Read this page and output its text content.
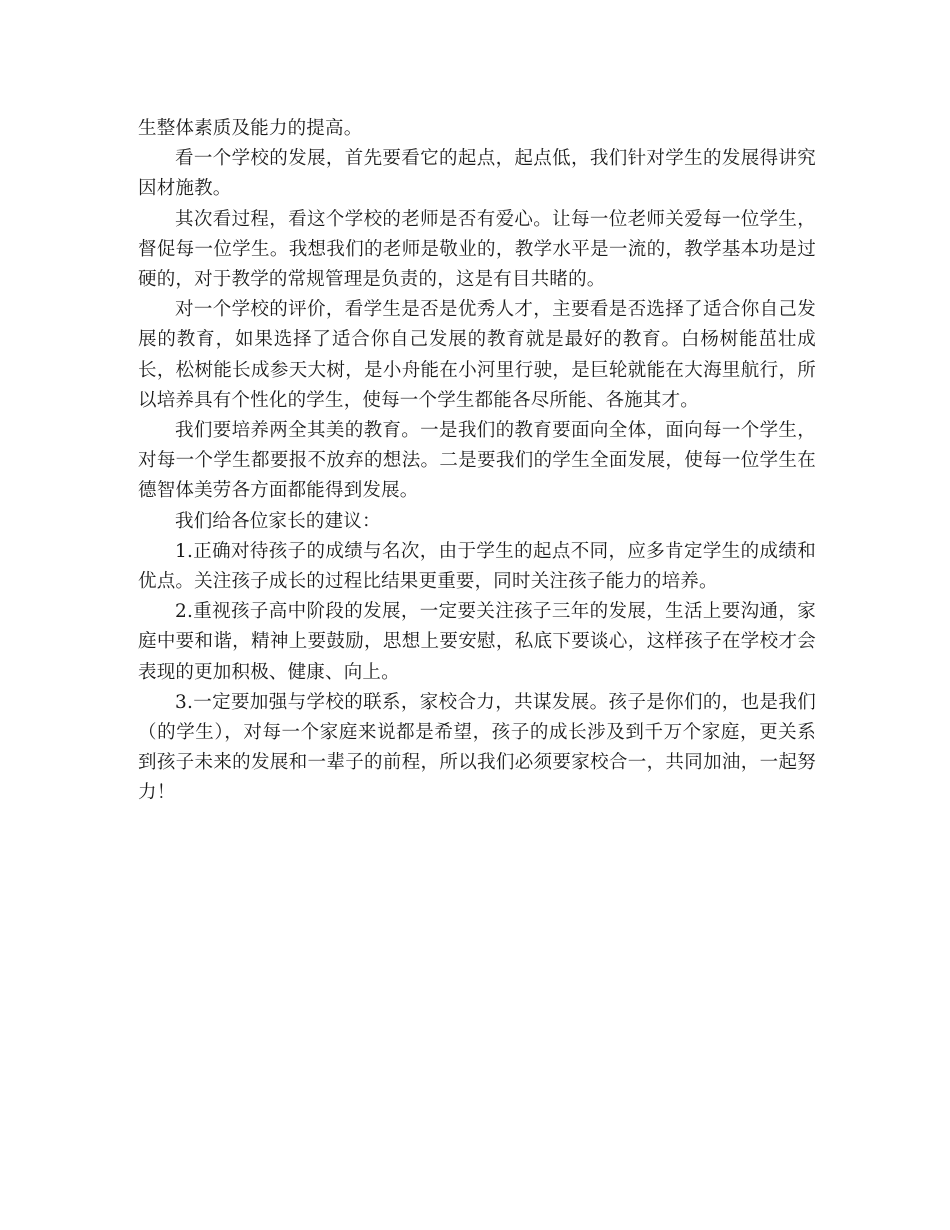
生整体素质及能力的提高。

看一个学校的发展，首先要看它的起点，起点低，我们针对学生的发展得讲究因材施教。

其次看过程，看这个学校的老师是否有爱心。让每一位老师关爱每一位学生，督促每一位学生。我想我们的老师是敬业的，教学水平是一流的，教学基本功是过硬的，对于教学的常规管理是负责的，这是有目共睹的。

对一个学校的评价，看学生是否是优秀人才，主要看是否选择了适合你自己发展的教育，如果选择了适合你自己发展的教育就是最好的教育。白杨树能茁壮成长，松树能长成参天大树，是小舟能在小河里行驶，是巨轮就能在大海里航行，所以培养具有个性化的学生，使每一个学生都能各尽所能、各施其才。

我们要培养两全其美的教育。一是我们的教育要面向全体，面向每一个学生，对每一个学生都要报不放弃的想法。二是要我们的学生全面发展，使每一位学生在德智体美劳各方面都能得到发展。

我们给各位家长的建议：

1.正确对待孩子的成绩与名次，由于学生的起点不同，应多肯定学生的成绩和优点。关注孩子成长的过程比结果更重要，同时关注孩子能力的培养。

2.重视孩子高中阶段的发展，一定要关注孩子三年的发展，生活上要沟通，家庭中要和谐，精神上要鼓励，思想上要安慰，私底下要谈心，这样孩子在学校才会表现的更加积极、健康、向上。

3.一定要加强与学校的联系，家校合力，共谋发展。孩子是你们的，也是我们（的学生），对每一个家庭来说都是希望，孩子的成长涉及到千万个家庭，更关系到孩子未来的发展和一辈子的前程，所以我们必须要家校合一，共同加油，一起努力！
